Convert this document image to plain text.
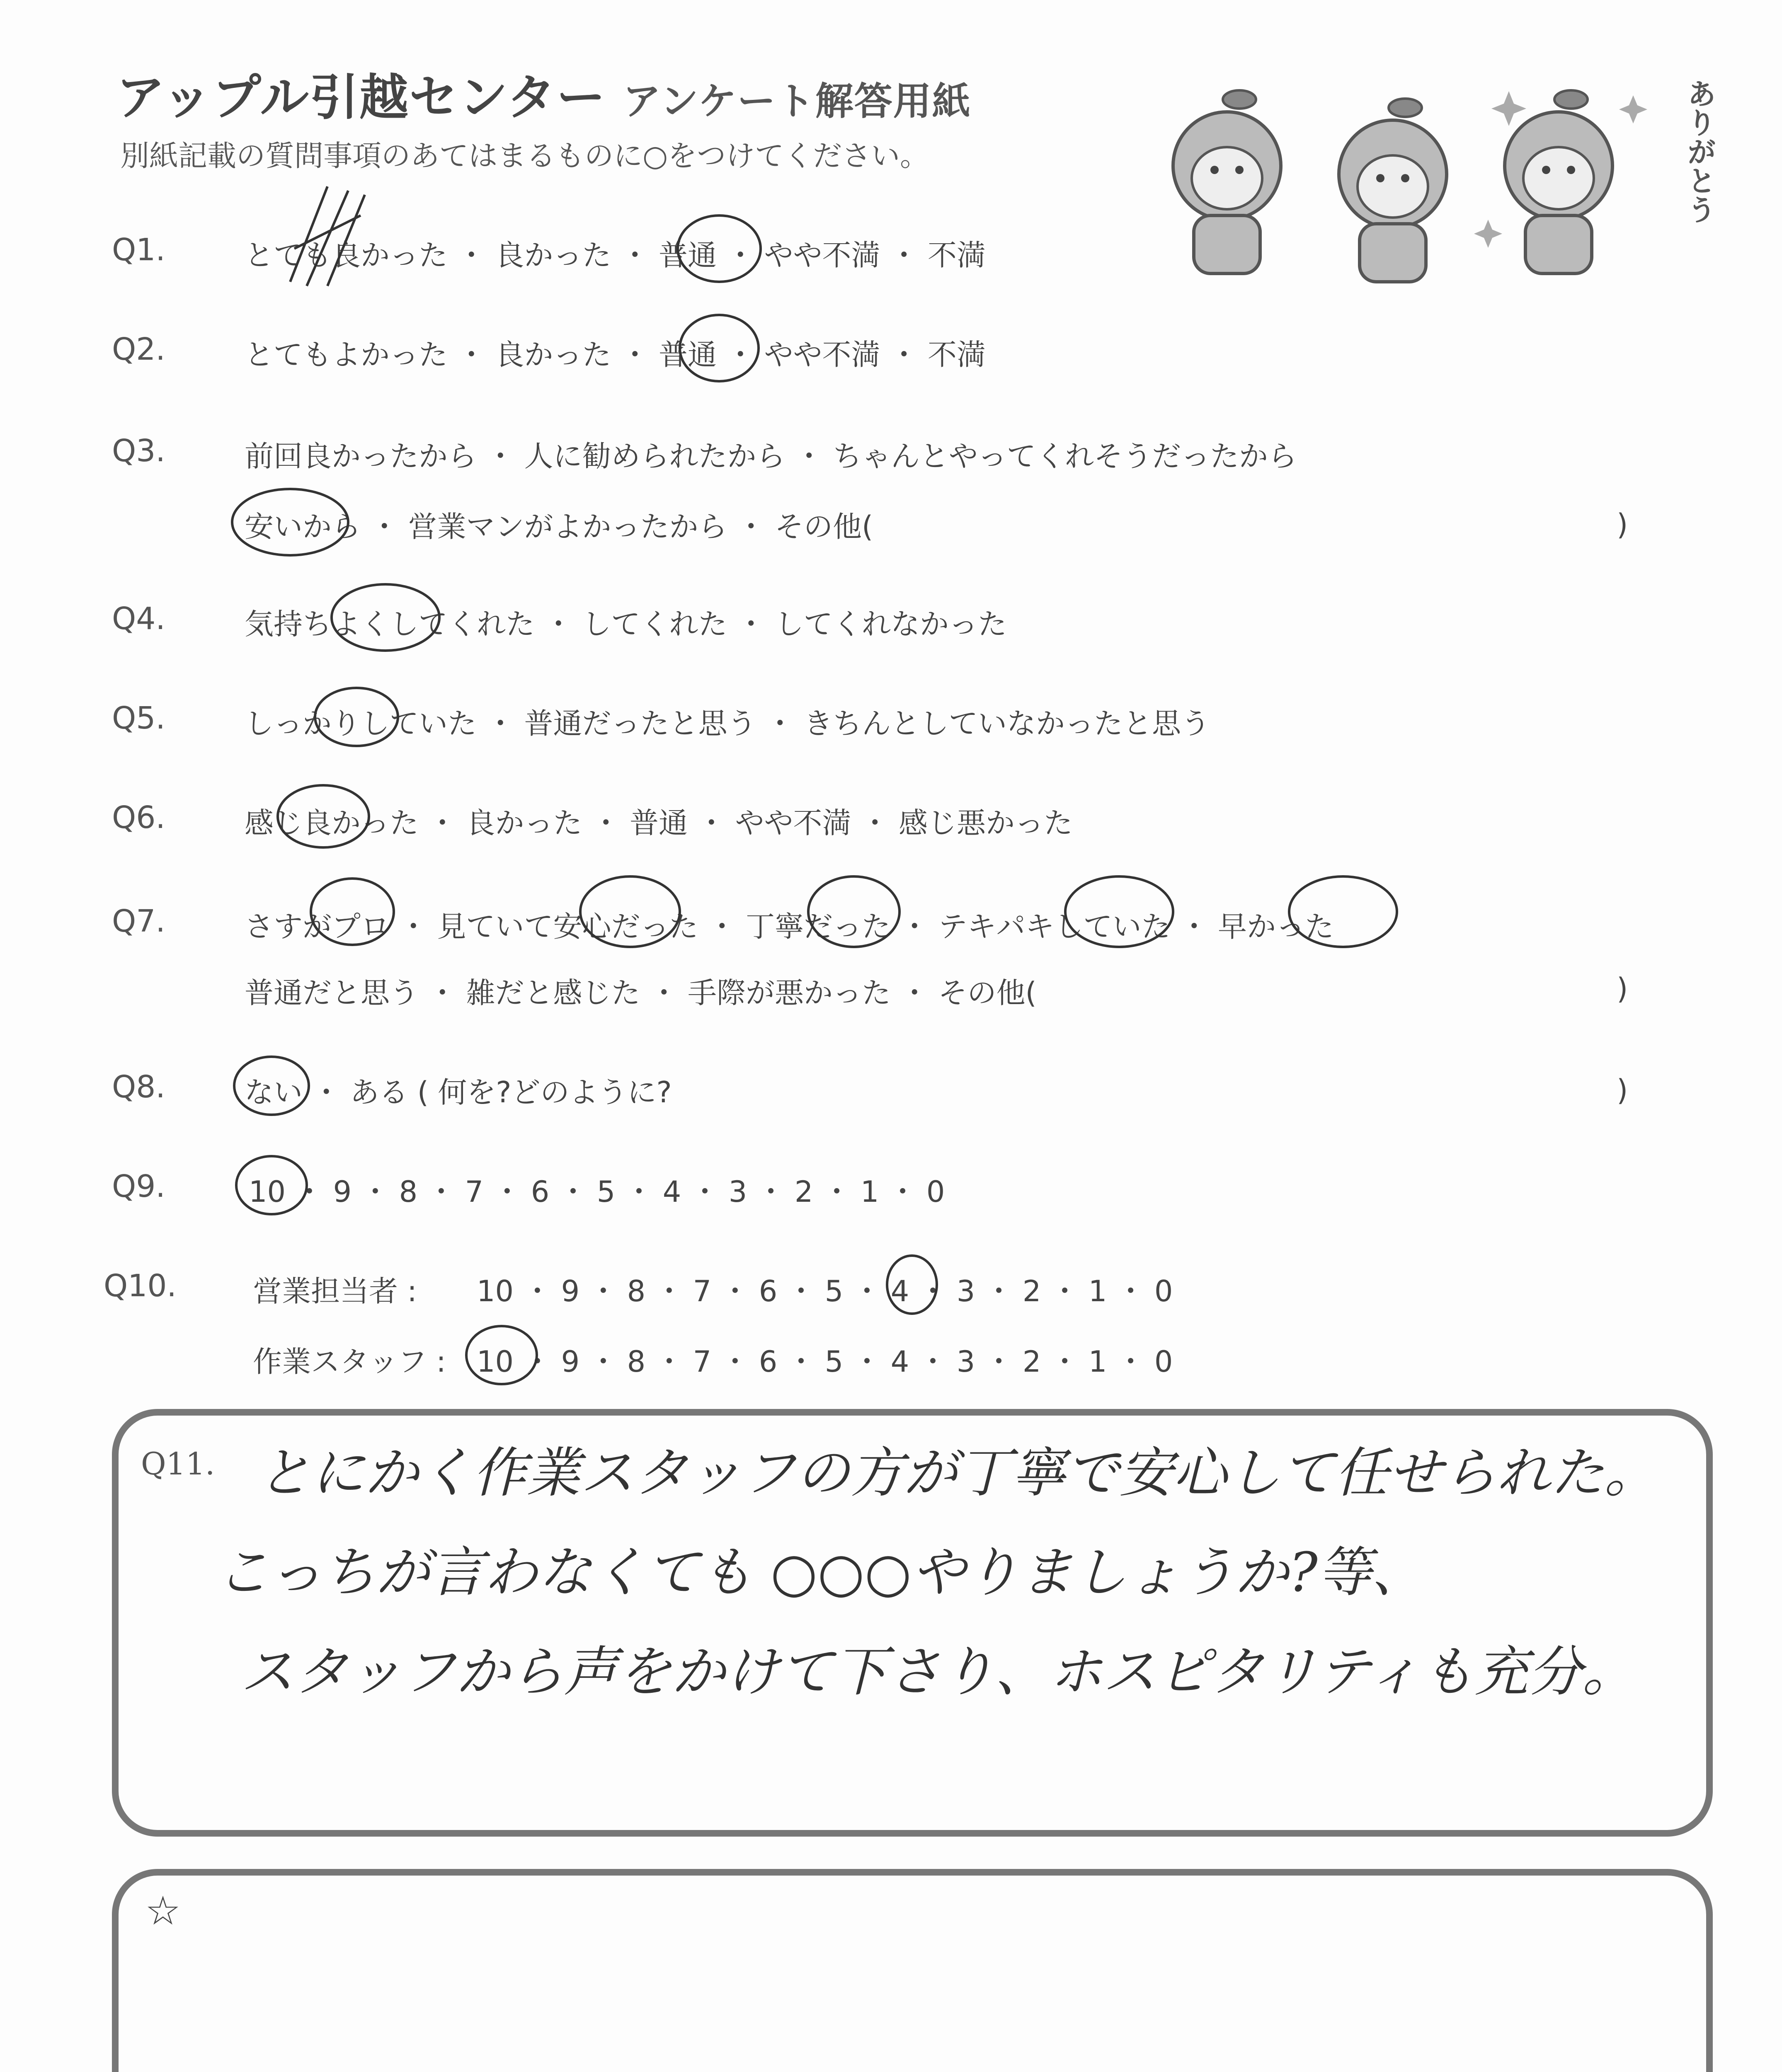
アップル引越センター アンケート解答用紙
別紙記載の質問事項のあてはまるものに○をつけてください。	ありがとう
Q1.	とても良かった ・ 良かった ・ 普通 ・ やや不満 ・ 不満
Q2.	とてもよかった ・ 良かった ・ 普通 ・ やや不満 ・ 不満
Q3.	前回良かったから ・ 人に勧められたから ・ ちゃんとやってくれそうだったから
安いから ・ 営業マンがよかったから ・ その他(	)
Q4.	気持ちよくしてくれた ・ してくれた ・ してくれなかった
Q5.	しっかりしていた ・ 普通だったと思う ・ きちんとしていなかったと思う
Q6.	感じ良かった ・ 良かった ・ 普通 ・ やや不満 ・ 感じ悪かった
Q7.	さすがプロ ・ 見ていて安心だった ・ 丁寧だった ・ テキパキしていた ・ 早かった
普通だと思う ・ 雑だと感じた ・ 手際が悪かった ・ その他(	)
Q8.	ない ・ ある ( 何を?どのように?	)
Q9.	10 ・ 9 ・ 8 ・ 7 ・ 6 ・ 5 ・ 4 ・ 3 ・ 2 ・ 1 ・ 0
Q10.	営業担当者 : 10 ・ 9 ・ 8 ・ 7 ・ 6 ・ 5 ・ 4 ・ 3 ・ 2 ・ 1 ・ 0
作業スタッフ : 10 ・ 9 ・ 8 ・ 7 ・ 6 ・ 5 ・ 4 ・ 3 ・ 2 ・ 1 ・ 0
Q11. とにかく作業スタッフの方が丁寧で安心して任せられた。
こっちが言わなくても ○○○やりましょうか?等、
スタッフから声をかけて下さり、ホスピタリティも充分。
☆
